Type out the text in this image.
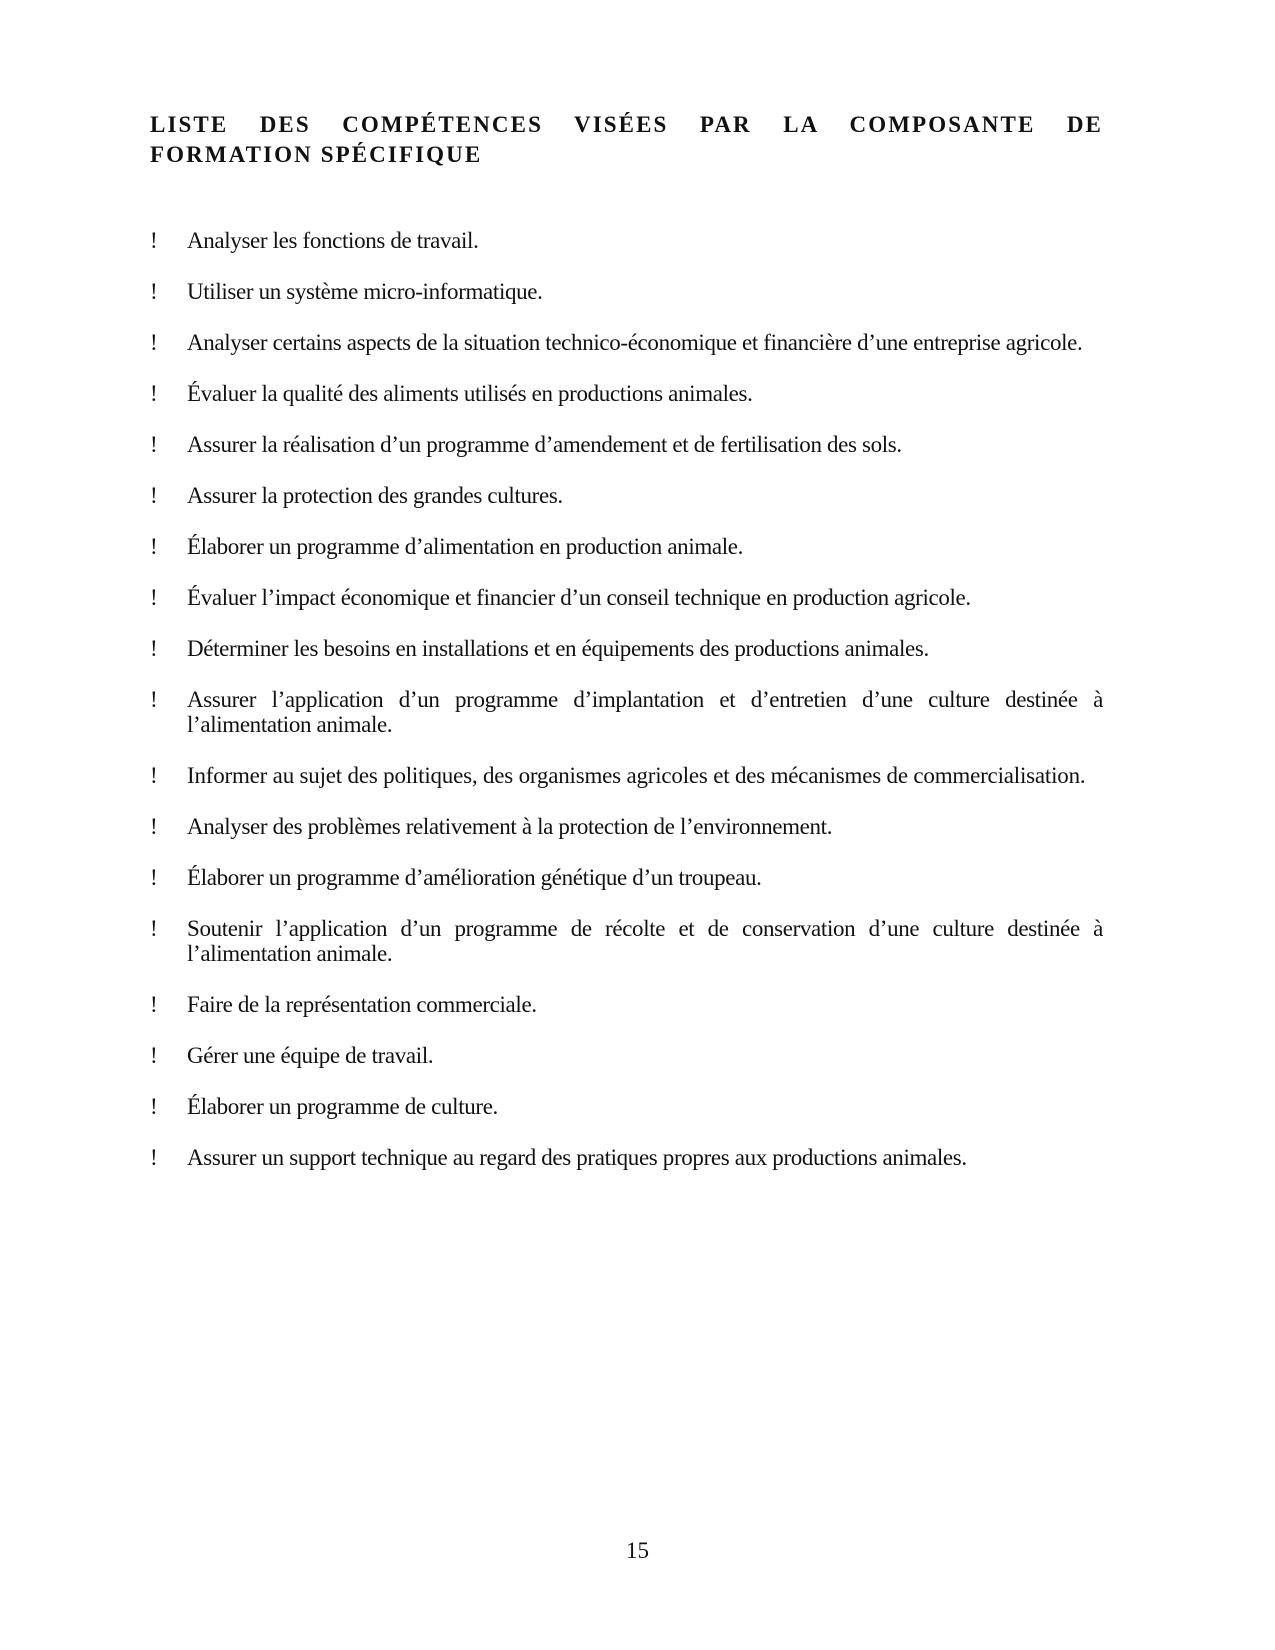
LISTE DES COMPÉTENCES VISÉES PAR LA COMPOSANTE DE FORMATION SPÉCIFIQUE
!	Analyser les fonctions de travail.
!	Utiliser un système micro-informatique.
!	Analyser certains aspects de la situation technico-économique et financière d’une entreprise agricole.
!	Évaluer la qualité des aliments utilisés en productions animales.
!	Assurer la réalisation d’un programme d’amendement et de fertilisation des sols.
!	Assurer la protection des grandes cultures.
!	Élaborer un programme d’alimentation en production animale.
!	Évaluer l’impact économique et financier d’un conseil technique en production agricole.
!	Déterminer les besoins en installations et en équipements des productions animales.
!	Assurer l’application d’un programme d’implantation et d’entretien d’une culture destinée à l’alimentation animale.
!	Informer au sujet des politiques, des organismes agricoles et des mécanismes de commercialisation.
!	Analyser des problèmes relativement à la protection de l’environnement.
!	Élaborer un programme d’amélioration génétique d’un troupeau.
!	Soutenir l’application d’un programme de récolte et de conservation d’une culture destinée à l’alimentation animale.
!	Faire de la représentation commerciale.
!	Gérer une équipe de travail.
!	Élaborer un programme de culture.
!	Assurer un support technique au regard des pratiques propres aux productions animales.
15
